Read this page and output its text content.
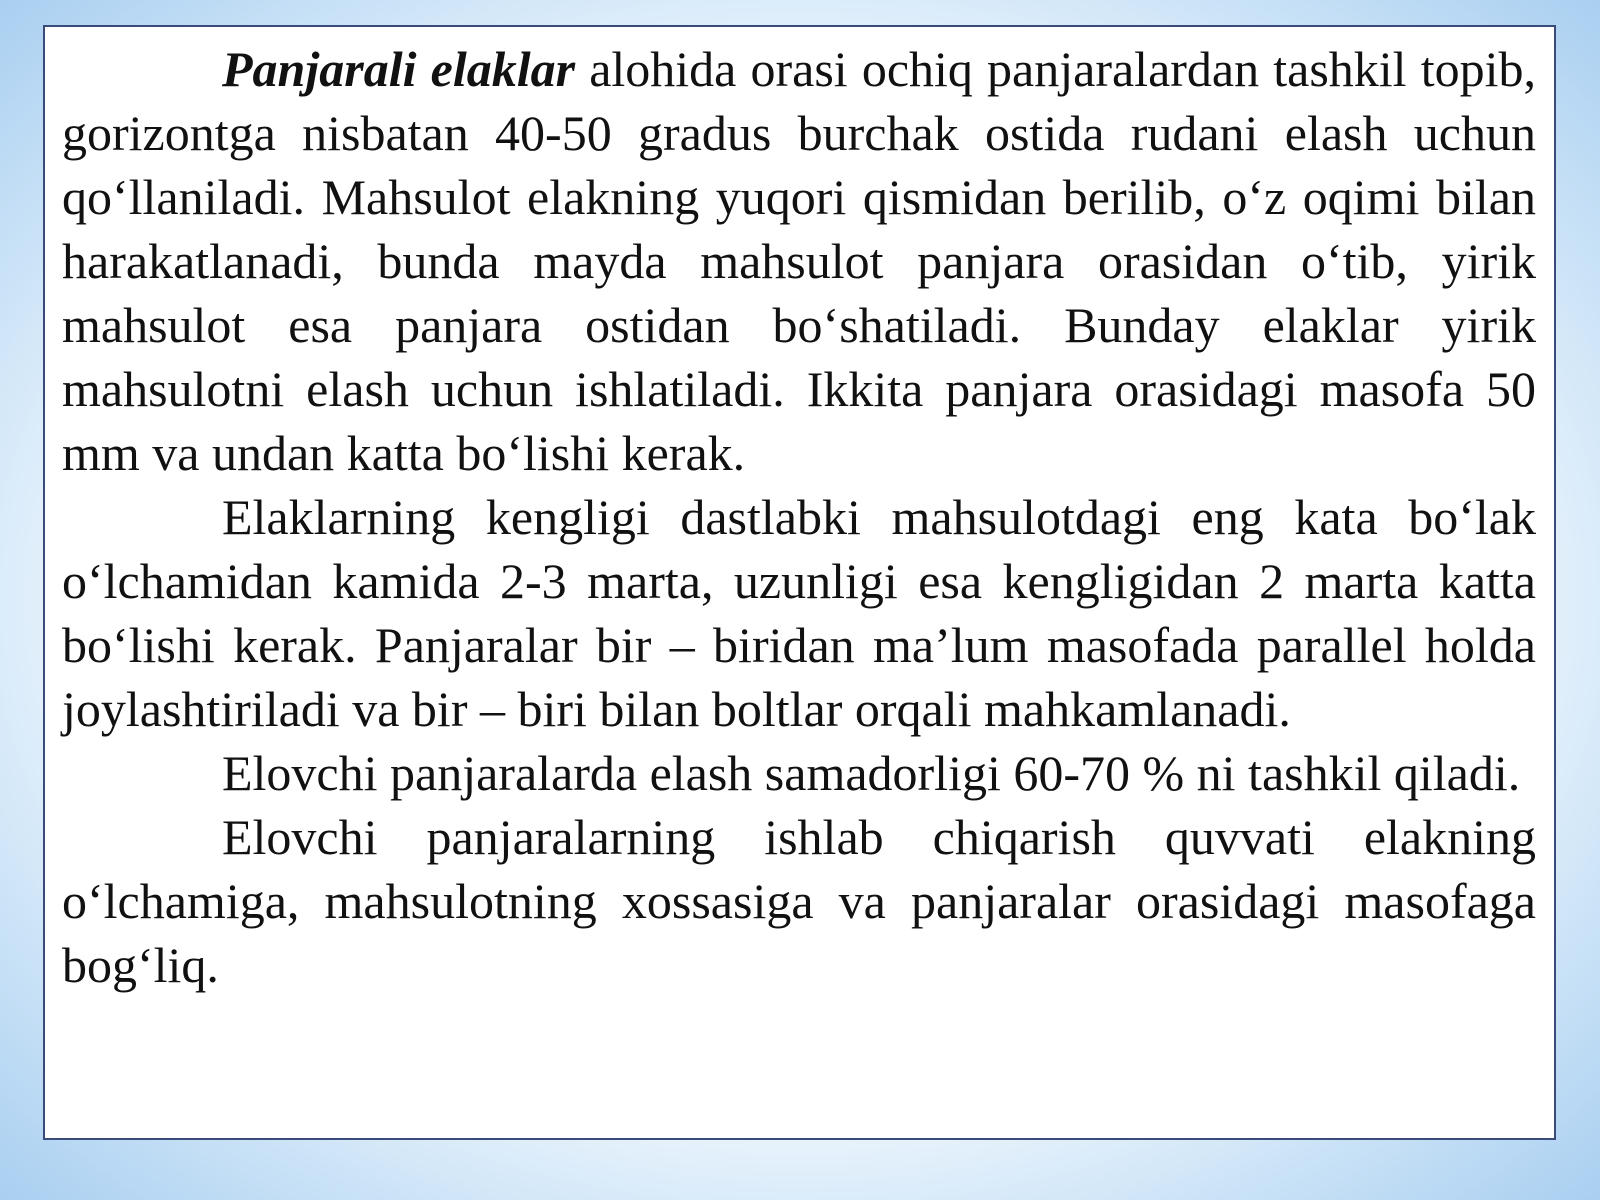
Panjarali elaklar alohida orasi ochiq panjaralardan tashkil topib, gorizontga nisbatan 40-50 gradus burchak ostida rudani elash uchun qo‘llaniladi. Mahsulot elakning yuqori qismidan berilib, o‘z oqimi bilan harakatlanadi, bunda mayda mahsulot panjara orasidan o‘tib, yirik mahsulot esa panjara ostidan bo‘shatiladi. Bunday elaklar yirik mahsulotni elash uchun ishlatiladi. Ikkita panjara orasidagi masofa 50 mm va undan katta bo‘lishi kerak.

Elaklarning kengligi dastlabki mahsulotdagi eng kata bo‘lak o‘lchamidan kamida 2-3 marta, uzunligi esa kengligidan 2 marta katta bo‘lishi kerak. Panjaralar bir – biridan ma’lum masofada parallel holda joylashtiriladi va bir – biri bilan boltlar orqali mahkamlanadi.

Elovchi panjaralarda elash samadorligi 60-70 % ni tashkil qiladi.

Elovchi panjaralarning ishlab chiqarish quvvati elakning o‘lchamiga, mahsulotning xossasiga va panjaralar orasidagi masofaga bog‘liq.
